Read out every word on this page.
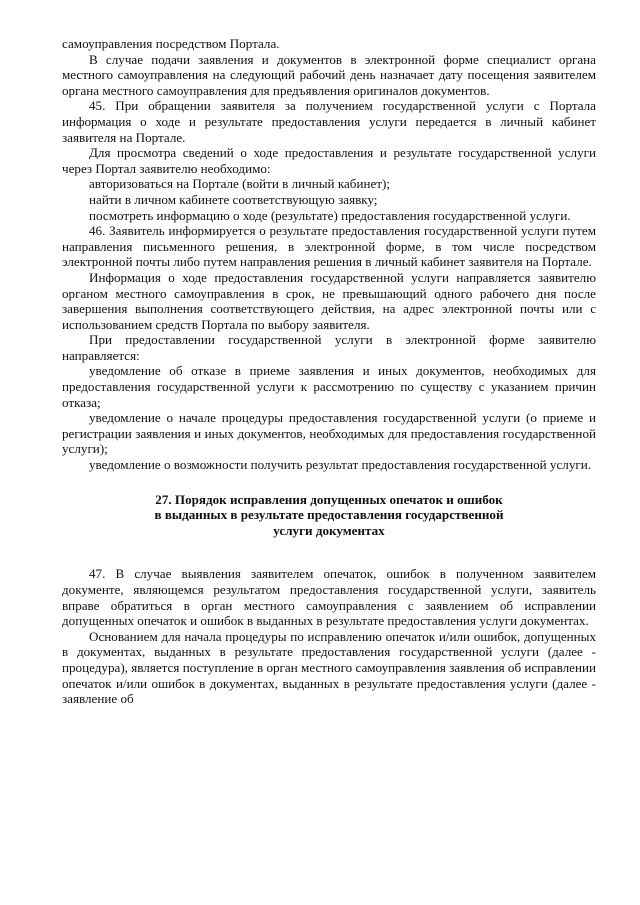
самоуправления посредством Портала.

В случае подачи заявления и документов в электронной форме специалист органа местного самоуправления на следующий рабочий день назначает дату посещения заявителем органа местного самоуправления для предъявления оригиналов документов.

45. При обращении заявителя за получением государственной услуги с Портала информация о ходе и результате предоставления услуги передается в личный кабинет заявителя на Портале.

Для просмотра сведений о ходе предоставления и результате государственной услуги через Портал заявителю необходимо:

авторизоваться на Портале (войти в личный кабинет);

найти в личном кабинете соответствующую заявку;

посмотреть информацию о ходе (результате) предоставления государственной услуги.

46. Заявитель информируется о результате предоставления государственной услуги путем направления письменного решения, в электронной форме, в том числе посредством электронной почты либо путем направления решения в личный кабинет заявителя на Портале.

Информация о ходе предоставления государственной услуги направляется заявителю органом местного самоуправления в срок, не превышающий одного рабочего дня после завершения выполнения соответствующего действия, на адрес электронной почты или с использованием средств Портала по выбору заявителя.

При предоставлении государственной услуги в электронной форме заявителю направляется:

уведомление об отказе в приеме заявления и иных документов, необходимых для предоставления государственной услуги к рассмотрению по существу с указанием причин отказа;

уведомление о начале процедуры предоставления государственной услуги (о приеме и регистрации заявления и иных документов, необходимых для предоставления государственной услуги);

уведомление о возможности получить результат предоставления государственной услуги.

27. Порядок исправления допущенных опечаток и ошибок
в выданных в результате предоставления государственной
услуги документах

47. В случае выявления заявителем опечаток, ошибок в полученном заявителем документе, являющемся результатом предоставления государственной услуги, заявитель вправе обратиться в орган местного самоуправления с заявлением об исправлении допущенных опечаток и ошибок в выданных в результате предоставления услуги документах.

Основанием для начала процедуры по исправлению опечаток и/или ошибок, допущенных в документах, выданных в результате предоставления государственной услуги (далее - процедура), является поступление в орган местного самоуправления заявления об исправлении опечаток и/или ошибок в документах, выданных в результате предоставления услуги (далее - заявление об
